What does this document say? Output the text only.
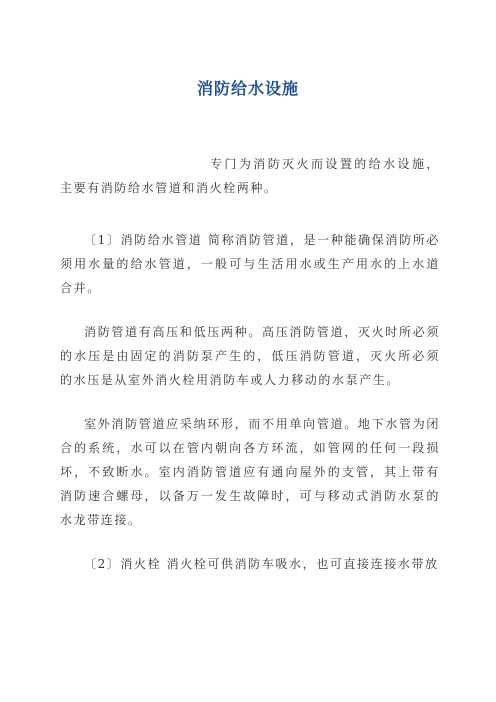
消防给水设施

专门为消防灭火而设置的给水设施，主要有消防给水管道和消火栓两种。

〔1〕消防给水管道 简称消防管道，是一种能确保消防所必须用水量的给水管道，一般可与生活用水或生产用水的上水道合并。

消防管道有高压和低压两种。高压消防管道，灭火时所必须的水压是由固定的消防泵产生的，低压消防管道，灭火所必须的水压是从室外消火栓用消防车或人力移动的水泵产生。

室外消防管道应采纳环形，而不用单向管道。地下水管为闭合的系统，水可以在管内朝向各方环流，如管网的任何一段损坏，不致断水。室内消防管道应有通向屋外的支管，其上带有消防速合螺母，以备万一发生故障时，可与移动式消防水泵的水龙带连接。

〔2〕消火栓 消火栓可供消防车吸水，也可直接连接水带放
